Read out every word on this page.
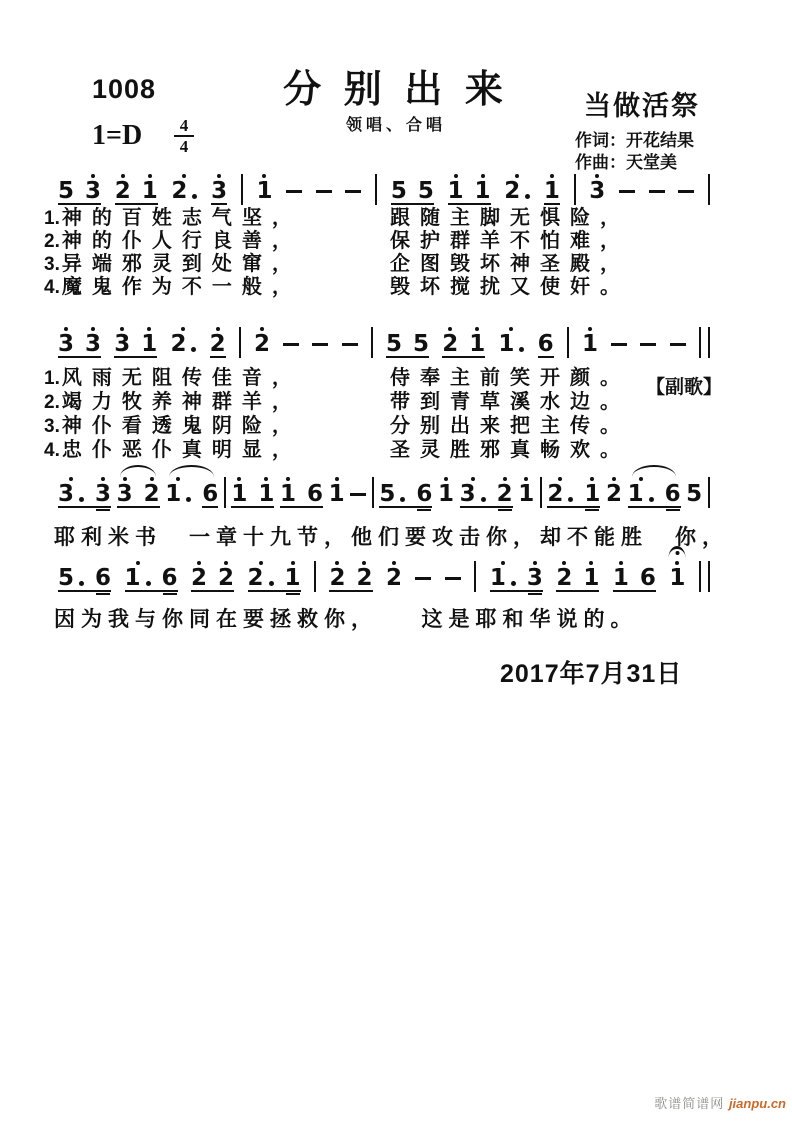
1008	分 别 出 来
领唱、合唱
当做活祭
作词：开花结果
作曲：天堂美
$1=D \frac{4}{4}$
5 3 2 1 2 3 1	5 5 1 1 2 1 3
3 3 3 1 2 2 2	5 5 2 1 1 6 1
3 3 3 2 1 6 1 1 1 6 1 5 6 1 3 2 1 2 1 2 1 6 5
5 6 1 6 2 2 2 1 2 2 2	1 3 2 1 1 6 1
1. 神的百姓志气坚，	跟随主脚无惧险，
2. 神的仆人行良善，	保护群羊不怕难，
3. 异端邪灵到处窜，	企图毁坏神圣殿，
4. 魔鬼作为不一般，	毁坏搅扰又使奸。
1. 风雨无阻传佳音，	侍奉主前笑开颜。
2. 竭力牧养神群羊，	带到青草溪水边。
3. 神仆看透鬼阴险，	分别出来把主传。
4. 忠仆恶仆真明显，	圣灵胜邪真畅欢。
【副歌】
耶利米书　一章十九节，他们要攻击你，却不能胜　你，
因为我与你同在要拯救你，　　这是耶和华说的。
2017年7月31日
歌谱简谱网 jianpu.cn
